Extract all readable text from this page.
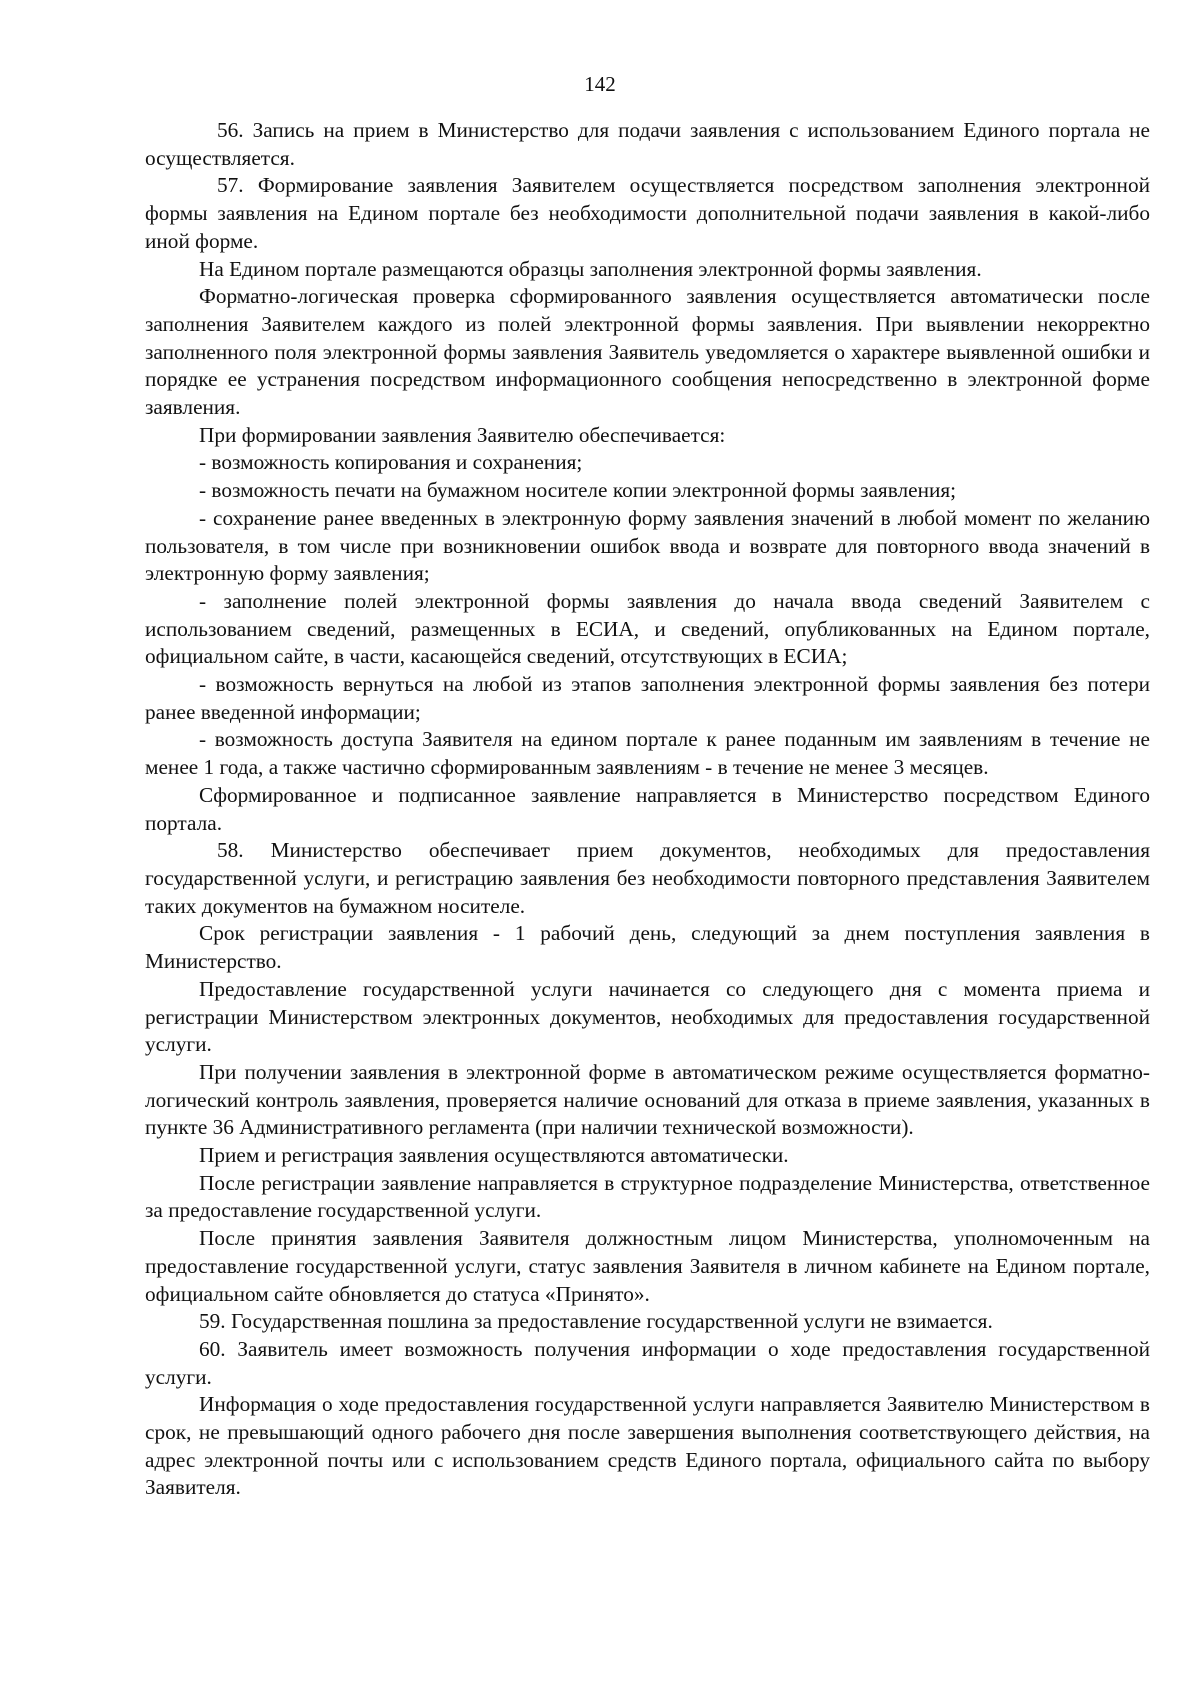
142

56. Запись на прием в Министерство для подачи заявления с использованием Единого портала не осуществляется.

57. Формирование заявления Заявителем осуществляется посредством заполнения электронной формы заявления на Едином портале без необходимости дополнительной подачи заявления в какой-либо иной форме.

На Едином портале размещаются образцы заполнения электронной формы заявления.

Форматно-логическая проверка сформированного заявления осуществляется автоматически после заполнения Заявителем каждого из полей электронной формы заявления. При выявлении некорректно заполненного поля электронной формы заявления Заявитель уведомляется о характере выявленной ошибки и порядке ее устранения посредством информационного сообщения непосредственно в электронной форме заявления.

При формировании заявления Заявителю обеспечивается:

- возможность копирования и сохранения;

- возможность печати на бумажном носителе копии электронной формы заявления;

- сохранение ранее введенных в электронную форму заявления значений в любой момент по желанию пользователя, в том числе при возникновении ошибок ввода и возврате для повторного ввода значений в электронную форму заявления;

- заполнение полей электронной формы заявления до начала ввода сведений Заявителем с использованием сведений, размещенных в ЕСИА, и сведений, опубликованных на Едином портале, официальном сайте, в части, касающейся сведений, отсутствующих в ЕСИА;

- возможность вернуться на любой из этапов заполнения электронной формы заявления без потери ранее введенной информации;

- возможность доступа Заявителя на едином портале к ранее поданным им заявлениям в течение не менее 1 года, а также частично сформированным заявлениям - в течение не менее 3 месяцев.

Сформированное и подписанное заявление направляется в Министерство посредством Единого портала.

58. Министерство обеспечивает прием документов, необходимых для предоставления государственной услуги, и регистрацию заявления без необходимости повторного представления Заявителем таких документов на бумажном носителе.

Срок регистрации заявления - 1 рабочий день, следующий за днем поступления заявления в Министерство.

Предоставление государственной услуги начинается со следующего дня с момента приема и регистрации Министерством электронных документов, необходимых для предоставления государственной услуги.

При получении заявления в электронной форме в автоматическом режиме осуществляется форматно-логический контроль заявления, проверяется наличие оснований для отказа в приеме заявления, указанных в пункте 36 Административного регламента (при наличии технической возможности).

Прием и регистрация заявления осуществляются автоматически.

После регистрации заявление направляется в структурное подразделение Министерства, ответственное за предоставление государственной услуги.

После принятия заявления Заявителя должностным лицом Министерства, уполномоченным на предоставление государственной услуги, статус заявления Заявителя в личном кабинете на Едином портале, официальном сайте обновляется до статуса «Принято».

59. Государственная пошлина за предоставление государственной услуги не взимается.

60. Заявитель имеет возможность получения информации о ходе предоставления государственной услуги.

Информация о ходе предоставления государственной услуги направляется Заявителю Министерством в срок, не превышающий одного рабочего дня после завершения выполнения соответствующего действия, на адрес электронной почты или с использованием средств Единого портала, официального сайта по выбору Заявителя.
